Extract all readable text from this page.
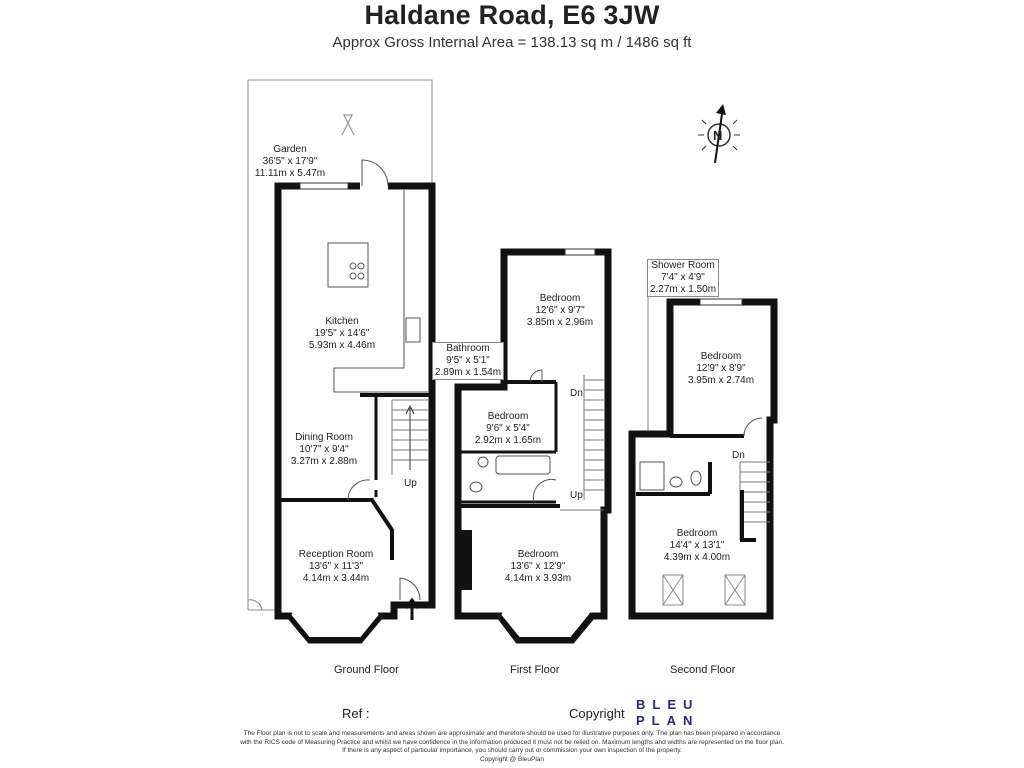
Haldane Road, E6 3JW
Approx Gross Internal Area = 138.13 sq m / 1486 sq ft
N
Garden
36'5" x 17'9"
11.11m x 5.47m
Kitchen
19'5" x 14'6"
5.93m x 4.46m
Dining Room
10'7" x 9'4"
3.27m x 2.88m
Reception Room
13'6" x 11'3"
4.14m x 3.44m
Up
Bedroom
12'6" x 9'7"
3.85m x 2.96m
Bathroom
9'5" x 5'1"
2.89m x 1.54m
Bedroom
9'6" x 5'4"
2.92m x 1.65m
Bedroom
13'6" x 12'9"
4.14m x 3.93m
Dn
Up
Shower Room
7'4" x 4'9"
2.27m x 1.50m
Bedroom
12'9" x 8'9"
3.95m x 2.74m
Bedroom
14'4" x 13'1"
4.39m x 4.00m
Dn
Ground Floor	First Floor	Second Floor
Ref :	Copyright
BLEU
PLAN
The Floor plan is not to scale and measurements and areas shown are approximate and therefore should be used for illustrative purposes only. The plan has been prepared in accordance
with the RICS code of Measuring Practice and whilst we have confidence in the information produced it must not be relied on. Maximum lengths and widths are represented on the floor plan.
If there is any aspect of particular importance, you should carry out or commission your own inspection of the property.
Copyright @ BleuPlan
